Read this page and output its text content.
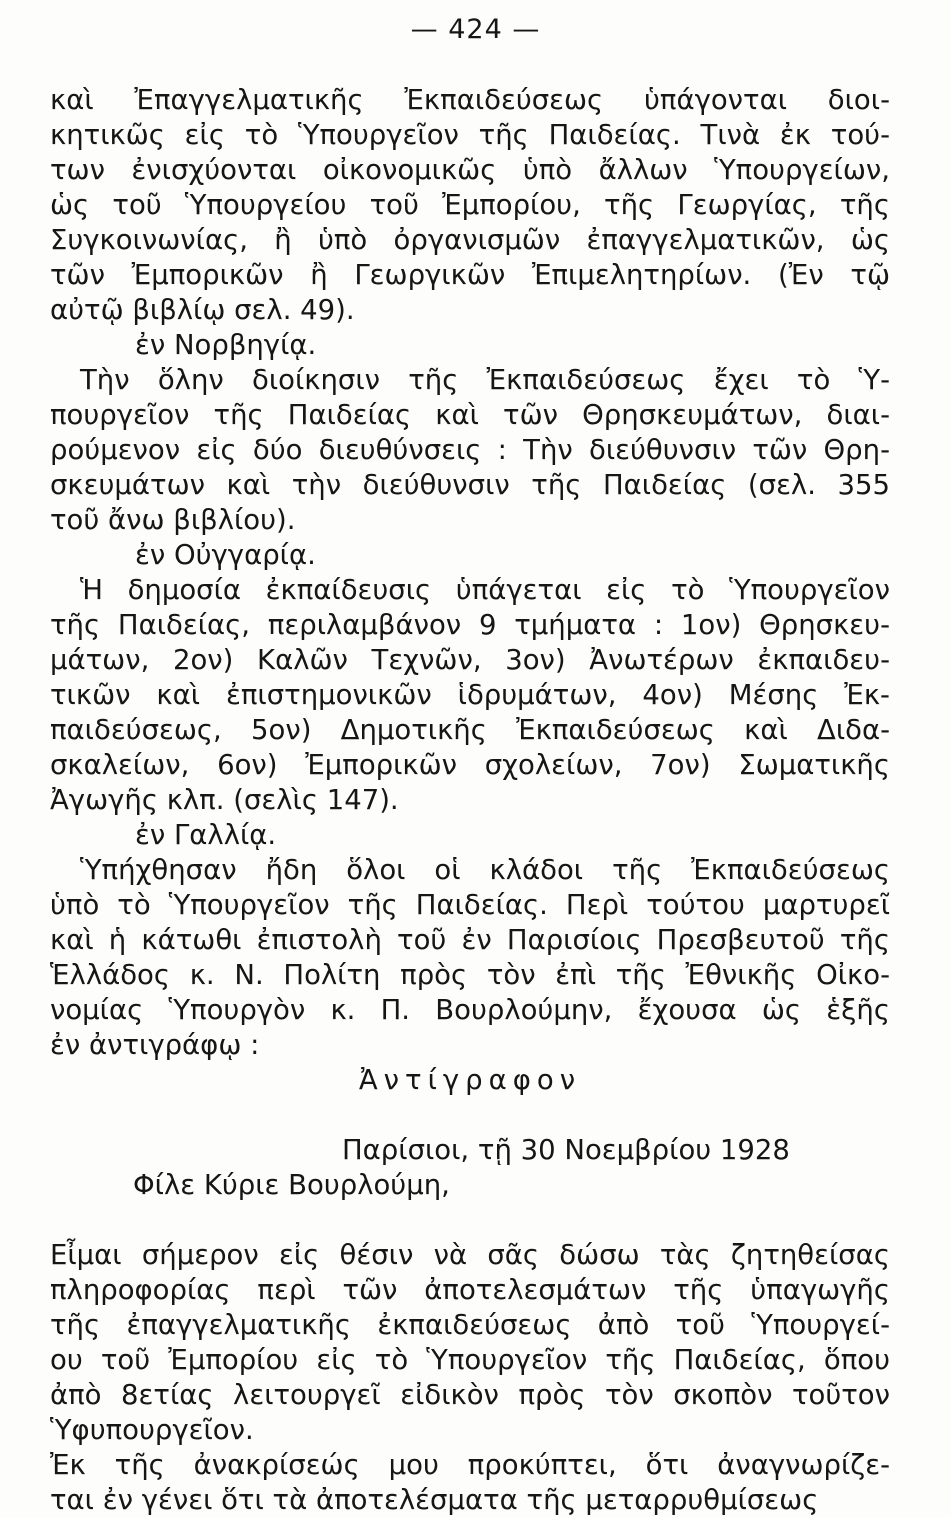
— 424 —
καὶ Ἐπαγγελματικῆς Ἐκπαιδεύσεως ὑπάγονται διοι-
κητικῶς εἰς τὸ Ὑπουργεῖον τῆς Παιδείας. Τινὰ ἐκ τού-
των ἐνισχύονται οἰκονομικῶς ὑπὸ ἄλλων Ὑπουργείων,
ὡς τοῦ Ὑπουργείου τοῦ Ἐμπορίου, τῆς Γεωργίας, τῆς
Συγκοινωνίας, ἢ ὑπὸ ὀργανισμῶν ἐπαγγελματικῶν, ὡς
τῶν Ἐμπορικῶν ἢ Γεωργικῶν Ἐπιμελητηρίων. (Ἐν τῷ
αὐτῷ βιβλίῳ σελ. 49).
ἐν Νορβηγίᾳ.
Τὴν ὅλην διοίκησιν τῆς Ἐκπαιδεύσεως ἔχει τὸ Ὑ-
πουργεῖον τῆς Παιδείας καὶ τῶν Θρησκευμάτων, διαι-
ρούμενον εἰς δύο διευθύνσεις : Τὴν διεύθυνσιν τῶν Θρη-
σκευμάτων καὶ τὴν διεύθυνσιν τῆς Παιδείας (σελ. 355
τοῦ ἄνω βιβλίου).
ἐν Οὐγγαρίᾳ.
Ἡ δημοσία ἐκπαίδευσις ὑπάγεται εἰς τὸ Ὑπουργεῖον
τῆς Παιδείας, περιλαμβάνον 9 τμήματα : 1ον) Θρησκευ-
μάτων, 2ον) Καλῶν Τεχνῶν, 3ον) Ἀνωτέρων ἐκπαιδευ-
τικῶν καὶ ἐπιστημονικῶν ἱδρυμάτων, 4ον) Μέσης Ἐκ-
παιδεύσεως, 5ον) Δημοτικῆς Ἐκπαιδεύσεως καὶ Διδα-
σκαλείων, 6ον) Ἐμπορικῶν σχολείων, 7ον) Σωματικῆς
Ἀγωγῆς κλπ. (σελὶς 147).
ἐν Γαλλίᾳ.
Ὑπήχθησαν ἤδη ὅλοι οἱ κλάδοι τῆς Ἐκπαιδεύσεως
ὑπὸ τὸ Ὑπουργεῖον τῆς Παιδείας. Περὶ τούτου μαρτυρεῖ
καὶ ἡ κάτωθι ἐπιστολὴ τοῦ ἐν Παρισίοις Πρεσβευτοῦ τῆς
Ἑλλάδος κ. Ν. Πολίτη πρὸς τὸν ἐπὶ τῆς Ἐθνικῆς Οἰκο-
νομίας Ὑπουργὸν κ. Π. Βουρλούμην, ἔχουσα ὡς ἑξῆς
ἐν ἀντιγράφῳ :
Ἀντίγραφον
Παρίσιοι, τῇ 30 Νοεμβρίου 1928
Φίλε Κύριε Βουρλούμη,
Εἶμαι σήμερον εἰς θέσιν νὰ σᾶς δώσω τὰς ζητηθείσας
πληροφορίας περὶ τῶν ἀποτελεσμάτων τῆς ὑπαγωγῆς
τῆς ἐπαγγελματικῆς ἐκπαιδεύσεως ἀπὸ τοῦ Ὑπουργεί-
ου τοῦ Ἐμπορίου εἰς τὸ Ὑπουργεῖον τῆς Παιδείας, ὅπου
ἀπὸ 8ετίας λειτουργεῖ εἰδικὸν πρὸς τὸν σκοπὸν τοῦτον
Ὑφυπουργεῖον.
Ἐκ τῆς ἀνακρίσεώς μου προκύπτει, ὅτι ἀναγνωρίζε-
ται ἐν γένει ὅτι τὰ ἀποτελέσματα τῆς μεταρρυθμίσεως
